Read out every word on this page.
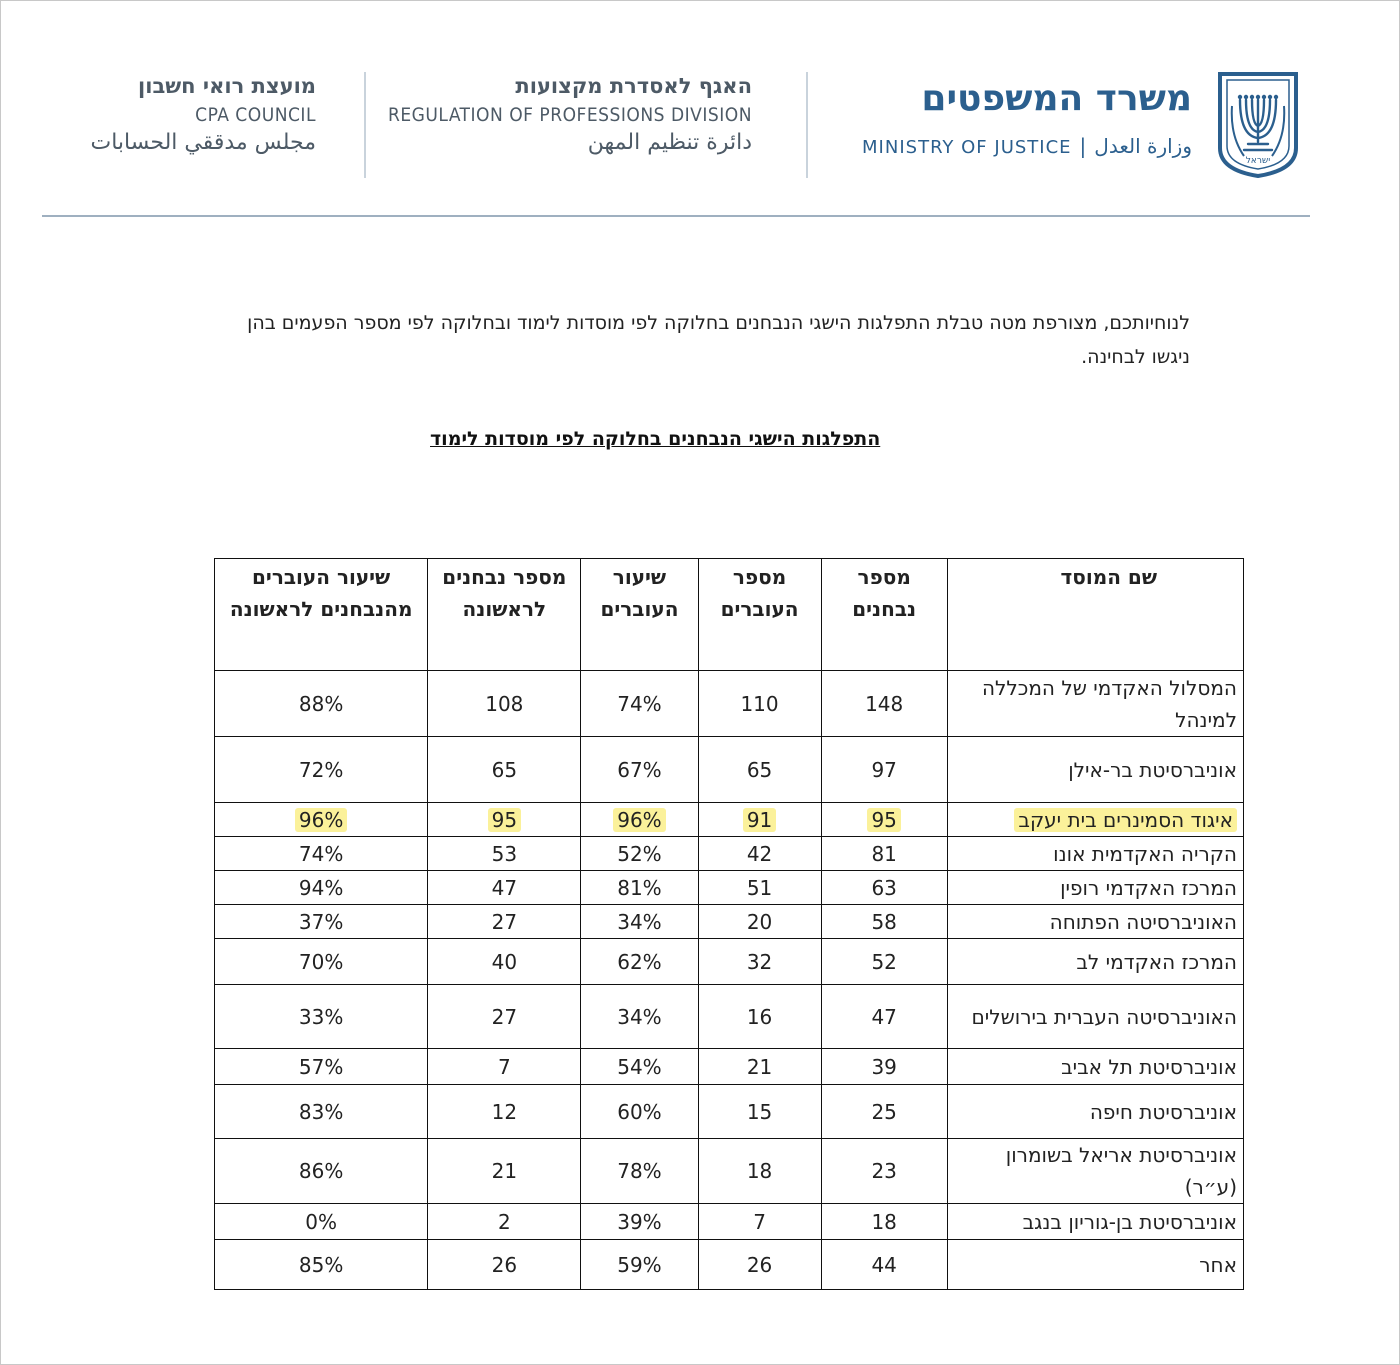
מועצת רואי חשבון
CPA COUNCIL
مجلس مدققي الحسابات
האגף לאסדרת מקצועות
REGULATION OF PROFESSIONS DIVISION
دائرة تنظيم المهن
משרד המשפטים
MINISTRY OF JUSTICE | وزارة العدل
ישראל
לנוחיותכם, מצורפת מטה טבלת התפלגות הישגי הנבחנים בחלוקה לפי מוסדות לימוד ובחלוקה לפי מספר הפעמים בהן ניגשו לבחינה.
התפלגות הישגי הנבחנים בחלוקה לפי מוסדות לימוד
שם המוסד	מספר נבחנים	מספר העוברים	שיעור העוברים	מספר נבחנים לראשונה	שיעור העוברים מהנבחנים לראשונה
המסלול האקדמי של המכללה למינהל	148	110	74%	108	88%
אוניברסיטת בר-אילן	97	65	67%	65	72%
איגוד הסמינרים בית יעקב	95	91	96%	95	96%
הקריה האקדמית אונו	81	42	52%	53	74%
המרכז האקדמי רופין	63	51	81%	47	94%
האוניברסיטה הפתוחה	58	20	34%	27	37%
המרכז האקדמי לב	52	32	62%	40	70%
האוניברסיטה העברית בירושלים	47	16	34%	27	33%
אוניברסיטת תל אביב	39	21	54%	7	57%
אוניברסיטת חיפה	25	15	60%	12	83%
אוניברסיטת אריאל בשומרון (ע״ר)	23	18	78%	21	86%
אוניברסיטת בן-גוריון בנגב	18	7	39%	2	0%
אחר	44	26	59%	26	85%
